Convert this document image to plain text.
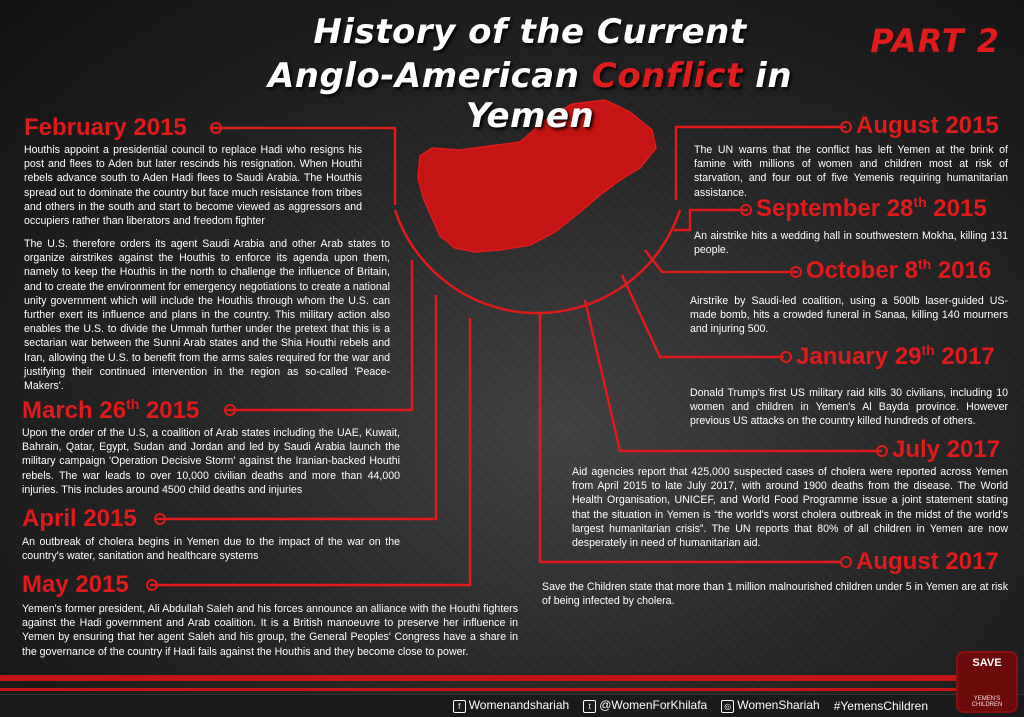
History of the Current
Anglo-American Conflict in Yemen
PART 2
February 2015
Houthis appoint a presidential council to replace Hadi who resigns his post and flees to Aden but later rescinds his resignation. When Houthi rebels advance south to Aden Hadi flees to Saudi Arabia. The Houthis spread out to dominate the country but face much resistance from tribes and others in the south and start to become viewed as aggressors and occupiers rather than liberators and freedom fighter
The U.S. therefore orders its agent Saudi Arabia and other Arab states to organize airstrikes against the Houthis to enforce its agenda upon them, namely to keep the Houthis in the north to challenge the influence of Britain, and to create the environment for emergency negotiations to create a national unity government which will include the Houthis through whom the U.S. can further exert its influence and plans in the country. This military action also enables the U.S. to divide the Ummah further under the pretext that this is a sectarian war between the Sunni Arab states and the Shia Houthi rebels and Iran, allowing the U.S. to benefit from the arms sales required for the war and justifying their continued intervention in the region as so-called 'Peace-Makers'.
March 26th 2015
Upon the order of the U.S, a coalition of Arab states including the UAE, Kuwait, Bahrain, Qatar, Egypt, Sudan and Jordan and led by Saudi Arabia launch the military campaign 'Operation Decisive Storm' against the Iranian-backed Houthi rebels. The war leads to over 10,000 civilian deaths and more than 44,000 injuries. This includes around 4500 child deaths and injuries
April 2015
An outbreak of cholera begins in Yemen due to the impact of the war on the country's water, sanitation and healthcare systems
May 2015
Yemen's former president, Ali Abdullah Saleh and his forces announce an alliance with the Houthi fighters against the Hadi government and Arab coalition. It is a British manoeuvre to preserve her influence in Yemen by ensuring that her agent Saleh and his group, the General Peoples' Congress have a share in the governance of the country if Hadi fails against the Houthis and they become close to power.
August 2015
The UN warns that the conflict has left Yemen at the brink of famine with millions of women and children most at risk of starvation, and four out of five Yemenis requiring humanitarian assistance.
September 28th 2015
An airstrike hits a wedding hall in southwestern Mokha, killing 131 people.
October 8th 2016
Airstrike by Saudi-led coalition, using a 500lb laser-guided US-made bomb, hits a crowded funeral in Sanaa, killing 140 mourners and injuring 500.
January 29th 2017
Donald Trump's first US military raid kills 30 civilians, including 10 women and children in Yemen's Al Bayda province. However previous US attacks on the country killed hundreds of others.
July 2017
Aid agencies report that 425,000 suspected cases of cholera were reported across Yemen from April 2015 to late July 2017, with around 1900 deaths from the disease. The World Health Organisation, UNICEF, and World Food Programme issue a joint statement stating that the situation in Yemen is “the world's worst cholera outbreak in the midst of the world's largest humanitarian crisis”. The UN reports that 80% of all children in Yemen are now desperately in need of humanitarian aid.
August 2017
Save the Children state that more than 1 million malnourished children under 5 in Yemen are at risk of being infected by cholera.
f Womenandshariah	t @WomenForKhilafa	◎ WomenShariah #YemensChildren
SAVE
YEMEN'S CHILDREN
